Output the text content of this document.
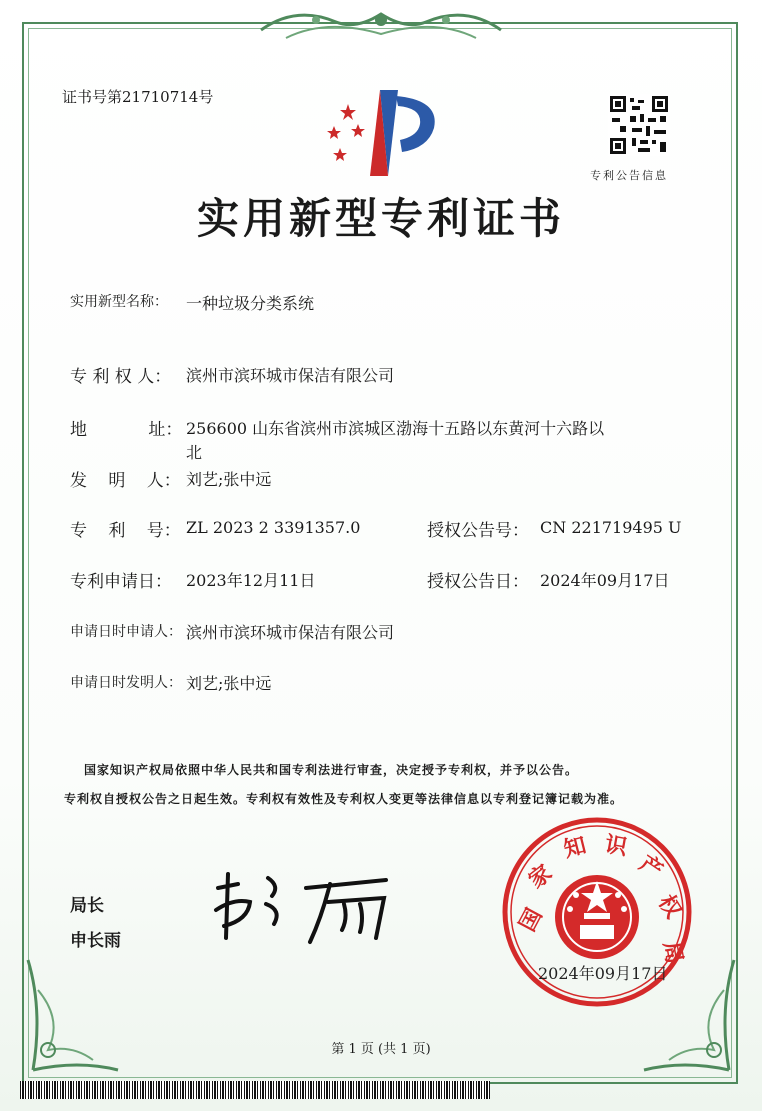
证书号第21710714号
专利公告信息
实用新型专利证书
实用新型名称： 一种垃圾分类系统
专 利 权 人： 滨州市滨环城市保洁有限公司
地 址： 256600 山东省滨州市滨城区渤海十五路以东黄河十六路以
北
发 明 人： 刘艺;张中远
专 利 号： ZL 2023 2 3391357.0	授权公告号： CN 221719495 U
专利申请日： 2023年12月11日	授权公告日： 2024年09月17日
申请日时申请人： 滨州市滨环城市保洁有限公司
申请日时发明人： 刘艺;张中远
国家知识产权局依照中华人民共和国专利法进行审查，决定授予专利权，并予以公告。
专利权自授权公告之日起生效。专利权有效性及专利权人变更等法律信息以专利登记簿记载为准。
局长
申长雨
国
家
知 识
产
权
局
2024年09月17日
第 1 页 (共 1 页)
